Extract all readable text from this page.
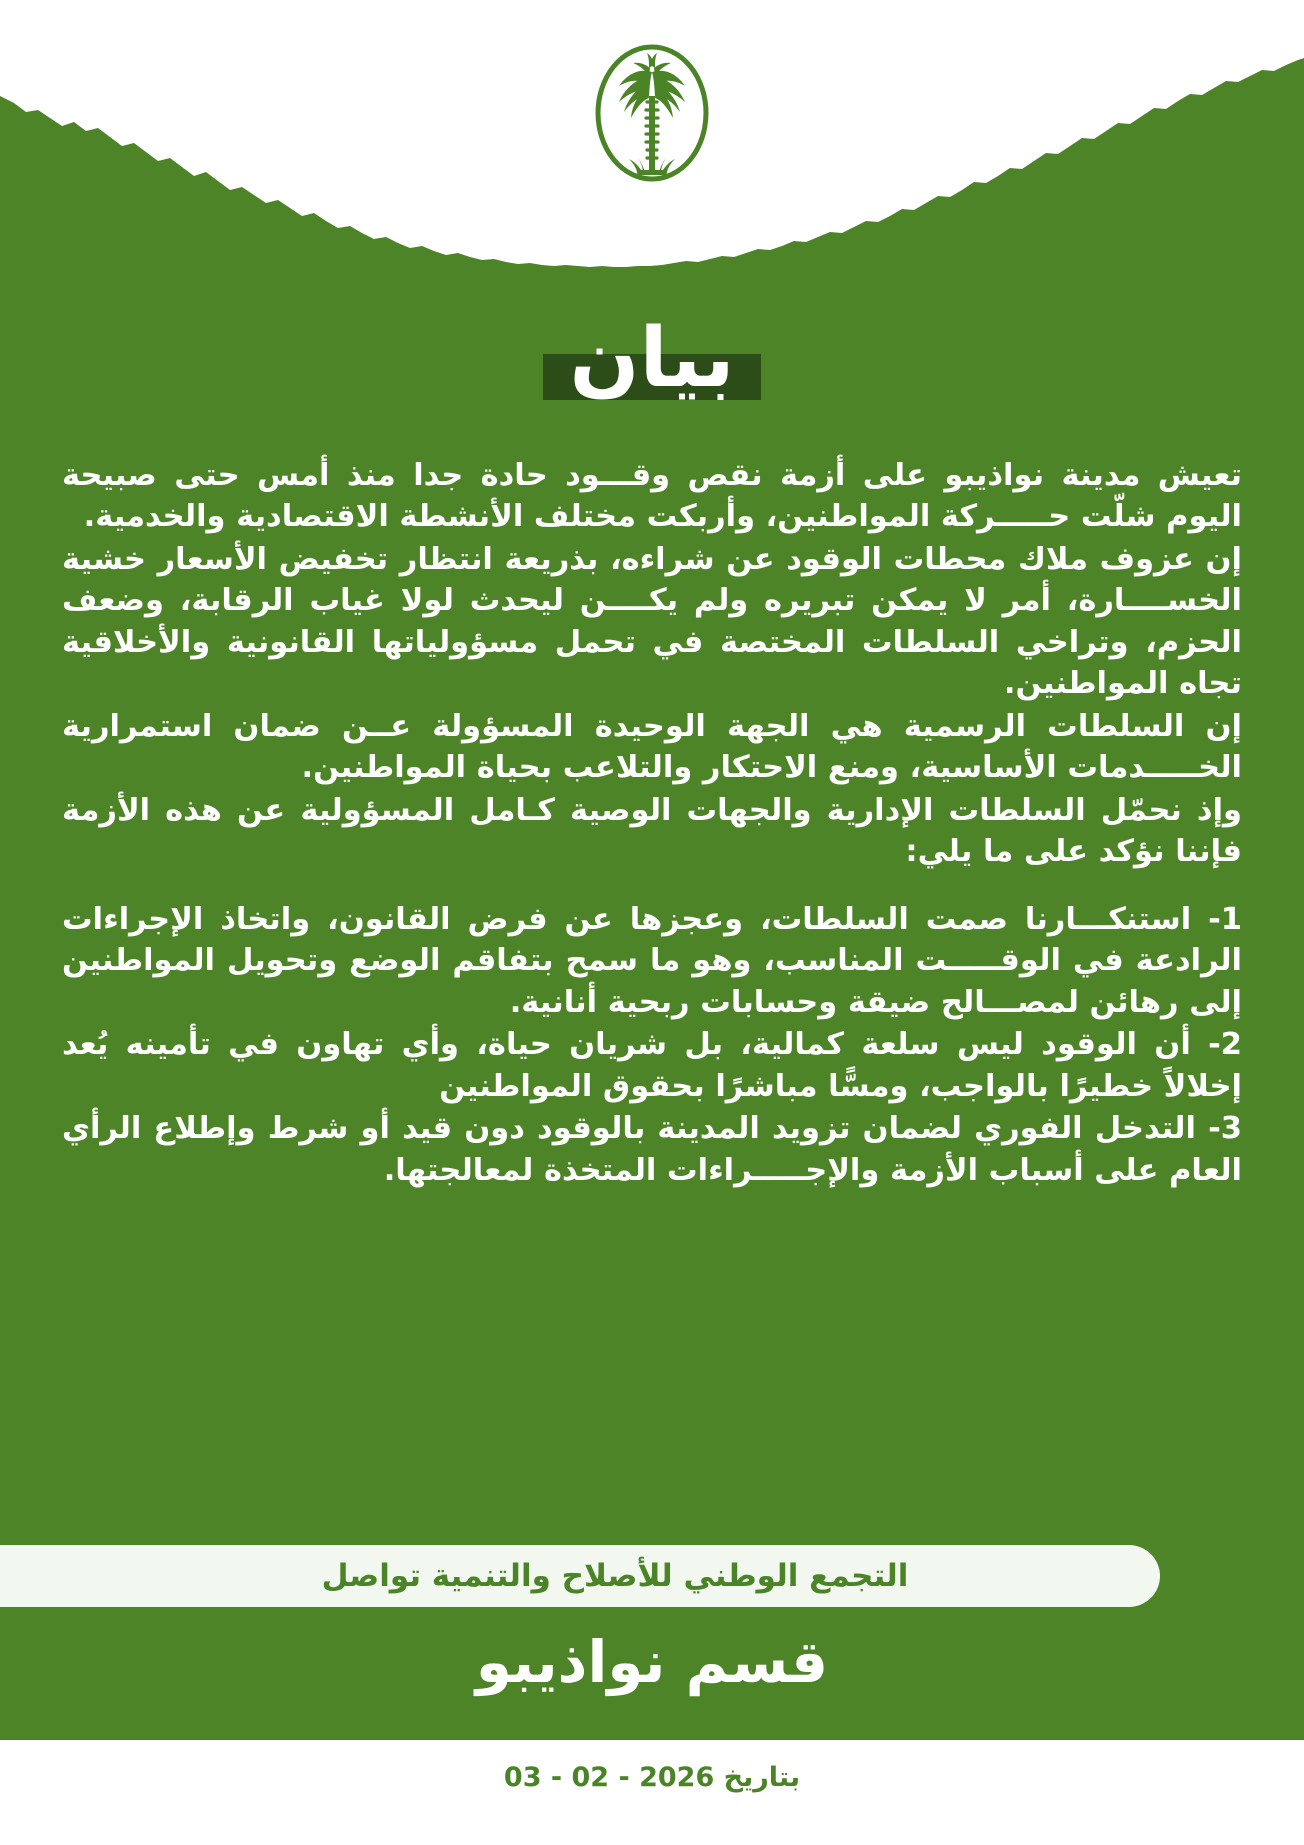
بيان

تعيش مدينة نواذيبو على أزمة نقص وقـــود حادة جدا منذ أمس حتى صبيحة اليوم شلّت حـــــركة المواطنين، وأربكت مختلف الأنشطة الاقتصادية والخدمية.

إن عزوف ملاك محطات الوقود عن شراءه، بذريعة انتظار تخفيض الأسعار خشية الخســــارة، أمر لا يمكن تبريره ولم يكــــن ليحدث لولا غياب الرقابة، وضعف الحزم، وتراخي السلطات المختصة في تحمل مسؤولياتها القانونية والأخلاقية تجاه المواطنين.

إن السلطات الرسمية هي الجهة الوحيدة المسؤولة عــن ضمان استمرارية الخـــــدمات الأساسية، ومنع الاحتكار والتلاعب بحياة المواطنين.

وإذ نحمّل السلطات الإدارية والجهات الوصية كـامل المسؤولية عن هذه الأزمة فإننا نؤكد على ما يلي:

1- استنكـــارنا صمت السلطات، وعجزها عن فرض القانون، واتخاذ الإجراءات الرادعة في الوقـــــت المناسب، وهو ما سمح بتفاقم الوضع وتحويل المواطنين إلى رهائن لمصـــالح ضيقة وحسابات ربحية أنانية.

2- أن الوقود ليس سلعة كمالية، بل شريان حياة، وأي تهاون في تأمينه يُعد إخلالاً خطيرًا بالواجب، ومسًّا مباشرًا بحقوق المواطنين

3- التدخل الفوري لضمان تزويد المدينة بالوقود دون قيد أو شرط وإطلاع الرأي العام على أسباب الأزمة والإجـــــراءات المتخذة لمعالجتها.

التجمع الوطني للأصلاح والتنمية تواصل
قسم نواذيبو
بتاريخ 2026 - 02 - 03
